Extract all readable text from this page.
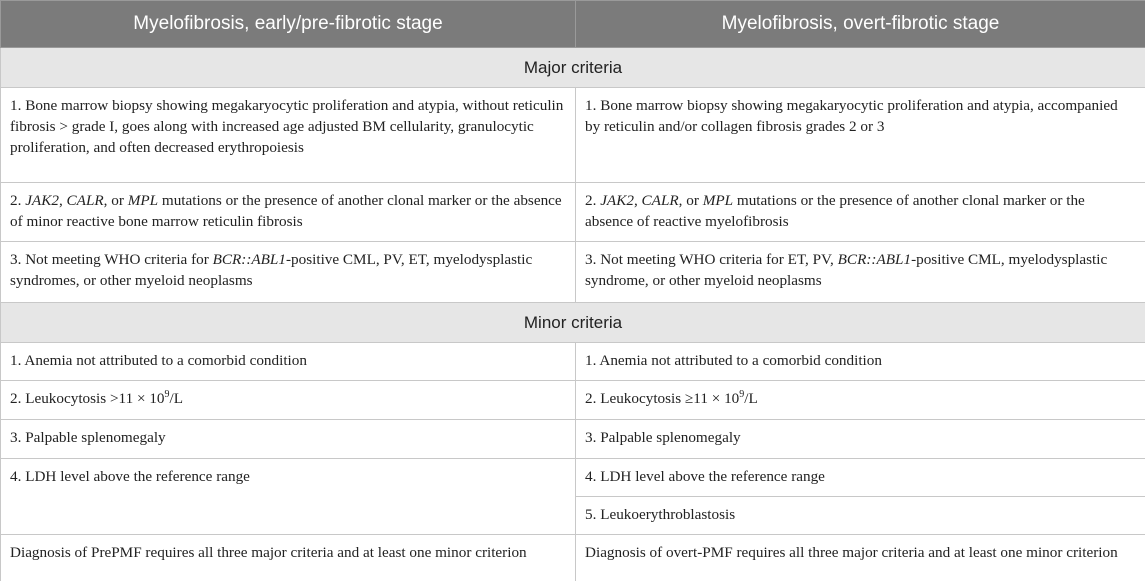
Myelofibrosis, early/pre-fibrotic stage	Myelofibrosis, overt-fibrotic stage
Major criteria	
1. Bone marrow biopsy showing megakaryocytic proliferation and atypia, without reticulin fibrosis > grade I, goes along with increased age adjusted BM cellularity, granulocytic proliferation, and often decreased erythropoiesis	1. Bone marrow biopsy showing megakaryocytic proliferation and atypia, accompanied by reticulin and/or collagen fibrosis grades 2 or 3
2. JAK2, CALR, or MPL mutations or the presence of another clonal marker or the absence of minor reactive bone marrow reticulin fibrosis	2. JAK2, CALR, or MPL mutations or the presence of another clonal marker or the absence of reactive myelofibrosis
3. Not meeting WHO criteria for BCR::ABL1-positive CML, PV, ET, myelodysplastic syndromes, or other myeloid neoplasms	3. Not meeting WHO criteria for ET, PV, BCR::ABL1-positive CML, myelodysplastic syndrome, or other myeloid neoplasms
Minor criteria	
1. Anemia not attributed to a comorbid condition	1. Anemia not attributed to a comorbid condition
2. Leukocytosis $>11 \times 10^9/L$	2. Leukocytosis $\ge 11 \times 10^9/L$
3. Palpable splenomegaly	3. Palpable splenomegaly
4. LDH level above the reference range	4. LDH level above the reference range
	5. Leukoerythroblastosis
Diagnosis of PrePMF requires all three major criteria and at least one minor criterion	Diagnosis of overt-PMF requires all three major criteria and at least one minor criterion
